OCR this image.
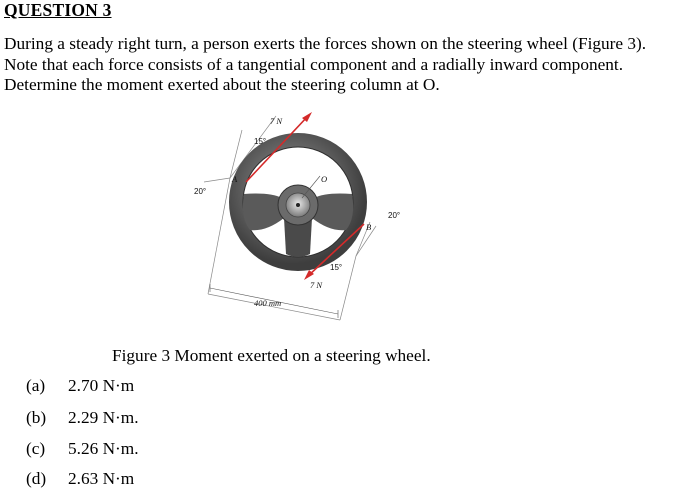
QUESTION 3
During a steady right turn, a person exerts the forces shown on the steering wheel (Figure 3).
Note that each force consists of a tangential component and a radially inward component.
Determine the moment exerted about the steering column at O.
7 N
15°
20°
A	O
20°
B
15°
7 N
400 mm
Figure 3 Moment exerted on a steering wheel.
(a) 2.70 N·m
(b) 2.29 N·m.
(c) 5.26 N·m.
(d) 2.63 N·m
